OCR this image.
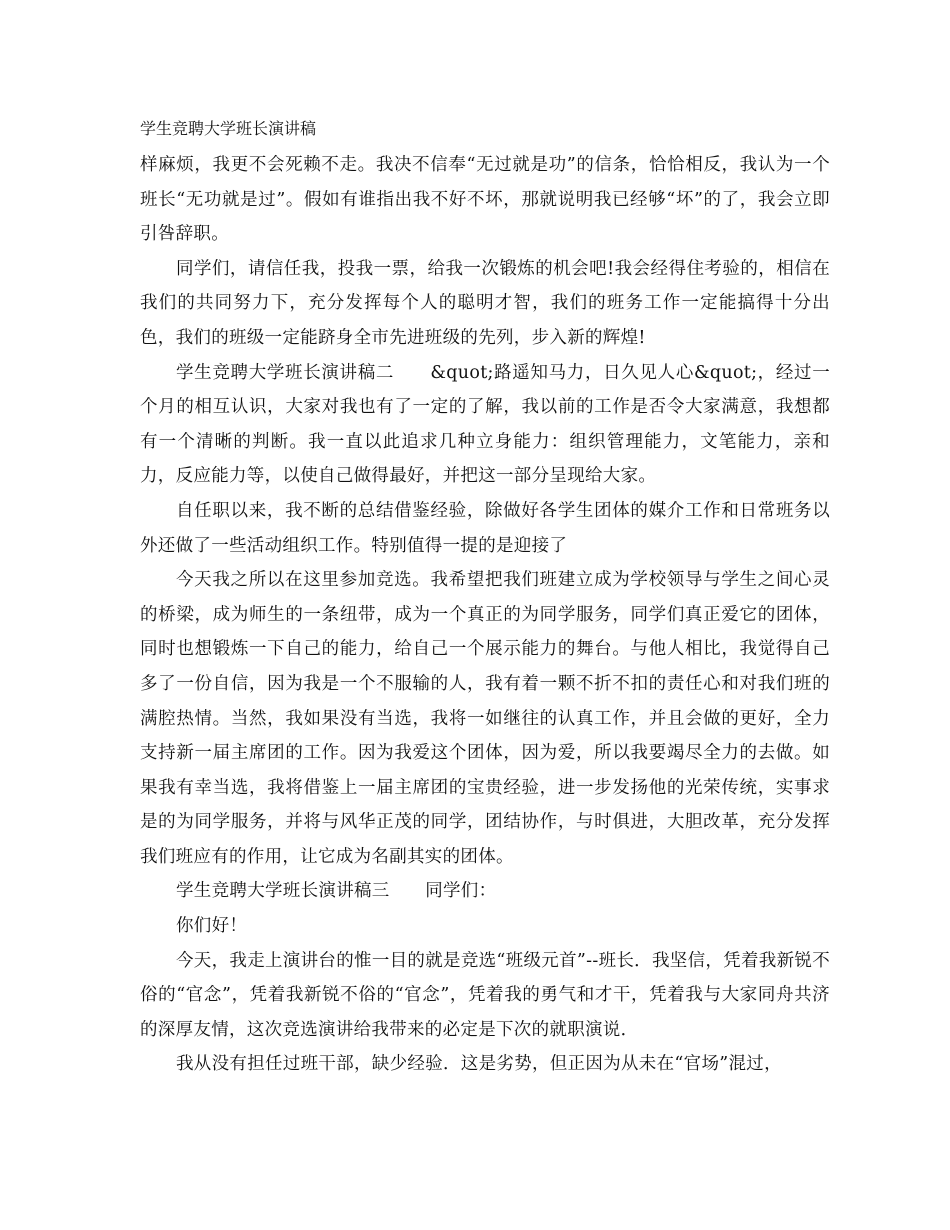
学生竞聘大学班长演讲稿

样麻烦，我更不会死赖不走。我决不信奉“无过就是功”的信条，恰恰相反，我认为一个班长“无功就是过”。假如有谁指出我不好不坏，那就说明我已经够“坏”的了，我会立即引咎辞职。

同学们，请信任我，投我一票，给我一次锻炼的机会吧!我会经得住考验的，相信在我们的共同努力下，充分发挥每个人的聪明才智，我们的班务工作一定能搞得十分出色，我们的班级一定能跻身全市先进班级的先列，步入新的辉煌!

学生竞聘大学班长演讲稿二　　&quot;路遥知马力，日久见人心&quot;，经过一个月的相互认识，大家对我也有了一定的了解，我以前的工作是否令大家满意，我想都有一个清晰的判断。我一直以此追求几种立身能力：组织管理能力，文笔能力，亲和力，反应能力等，以使自己做得最好，并把这一部分呈现给大家。

自任职以来，我不断的总结借鉴经验，除做好各学生团体的媒介工作和日常班务以外还做了一些活动组织工作。特别值得一提的是迎接了

今天我之所以在这里参加竞选。我希望把我们班建立成为学校领导与学生之间心灵的桥梁，成为师生的一条纽带，成为一个真正的为同学服务，同学们真正爱它的团体，同时也想锻炼一下自己的能力，给自己一个展示能力的舞台。与他人相比，我觉得自己多了一份自信，因为我是一个不服输的人，我有着一颗不折不扣的责任心和对我们班的满腔热情。当然，我如果没有当选，我将一如继往的认真工作，并且会做的更好，全力支持新一届主席团的工作。因为我爱这个团体，因为爱，所以我要竭尽全力的去做。如果我有幸当选，我将借鉴上一届主席团的宝贵经验，进一步发扬他的光荣传统，实事求是的为同学服务，并将与风华正茂的同学，团结协作，与时俱进，大胆改革，充分发挥我们班应有的作用，让它成为名副其实的团体。

学生竞聘大学班长演讲稿三　　同学们：

你们好！

今天，我走上演讲台的惟一目的就是竞选“班级元首”--班长．我坚信，凭着我新锐不俗的“官念”，凭着我新锐不俗的“官念”，凭着我的勇气和才干，凭着我与大家同舟共济的深厚友情，这次竞选演讲给我带来的必定是下次的就职演说．

我从没有担任过班干部，缺少经验．这是劣势，但正因为从未在“官场”混过，
